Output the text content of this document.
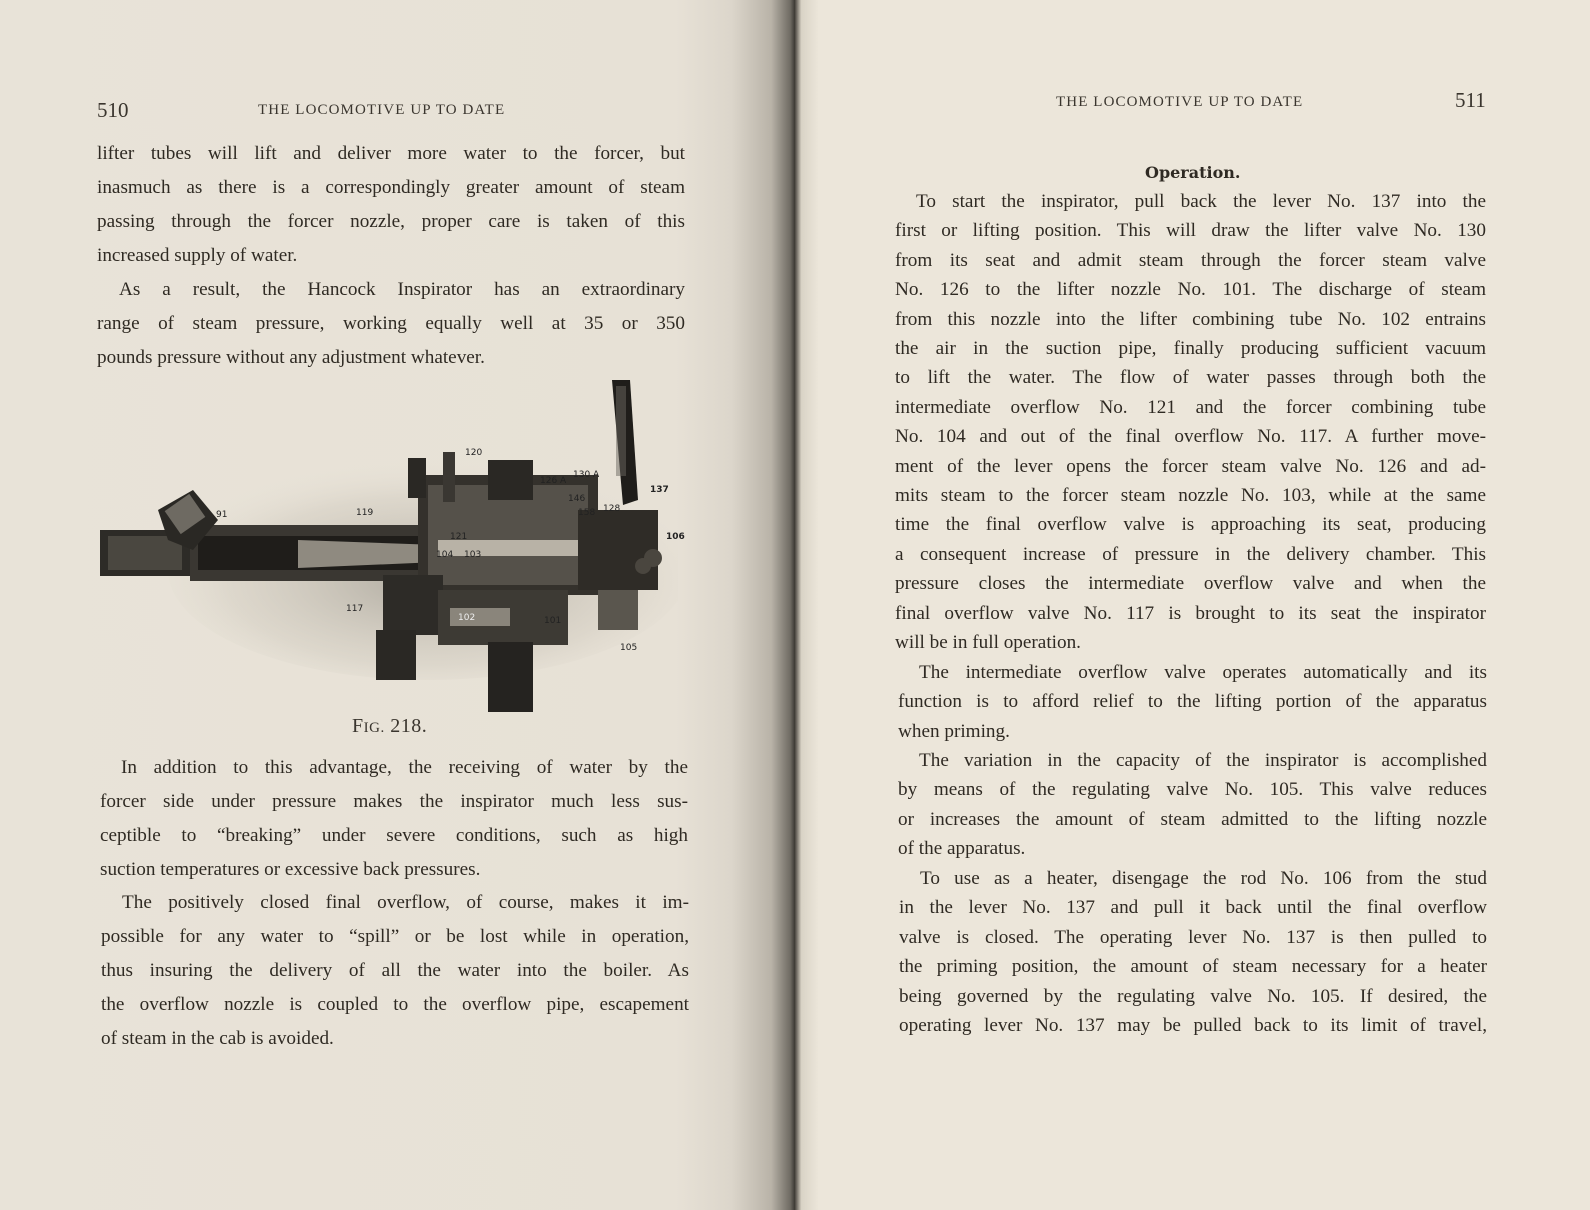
510	THE LOCOMOTIVE UP TO DATE
lifter tubes will lift and deliver more water to the forcer, but
inasmuch as there is a correspondingly greater amount of steam
passing through the forcer nozzle, proper care is taken of this
increased supply of water.
As a result, the Hancock Inspirator has an extraordinary
range of steam pressure, working equally well at 35 or 350
pounds pressure without any adjustment whatever.
91	119
120
121
126 A
130 A
146
158 128
137
106
104 103
117
102	101
105
FIG. 218.
In addition to this advantage, the receiving of water by the
forcer side under pressure makes the inspirator much less sus-
ceptible to “breaking” under severe conditions, such as high
suction temperatures or excessive back pressures.
The positively closed final overflow, of course, makes it im-
possible for any water to “spill” or be lost while in operation,
thus insuring the delivery of all the water into the boiler. As
the overflow nozzle is coupled to the overflow pipe, escapement
of steam in the cab is avoided.
THE LOCOMOTIVE UP TO DATE	511
Operation.
To start the inspirator, pull back the lever No. 137 into the
first or lifting position. This will draw the lifter valve No. 130
from its seat and admit steam through the forcer steam valve
No. 126 to the lifter nozzle No. 101. The discharge of steam
from this nozzle into the lifter combining tube No. 102 entrains
the air in the suction pipe, finally producing sufficient vacuum
to lift the water. The flow of water passes through both the
intermediate overflow No. 121 and the forcer combining tube
No. 104 and out of the final overflow No. 117. A further move-
ment of the lever opens the forcer steam valve No. 126 and ad-
mits steam to the forcer steam nozzle No. 103, while at the same
time the final overflow valve is approaching its seat, producing
a consequent increase of pressure in the delivery chamber. This
pressure closes the intermediate overflow valve and when the
final overflow valve No. 117 is brought to its seat the inspirator
will be in full operation.
The intermediate overflow valve operates automatically and its
function is to afford relief to the lifting portion of the apparatus
when priming.
The variation in the capacity of the inspirator is accomplished
by means of the regulating valve No. 105. This valve reduces
or increases the amount of steam admitted to the lifting nozzle
of the apparatus.
To use as a heater, disengage the rod No. 106 from the stud
in the lever No. 137 and pull it back until the final overflow
valve is closed. The operating lever No. 137 is then pulled to
the priming position, the amount of steam necessary for a heater
being governed by the regulating valve No. 105. If desired, the
operating lever No. 137 may be pulled back to its limit of travel,
